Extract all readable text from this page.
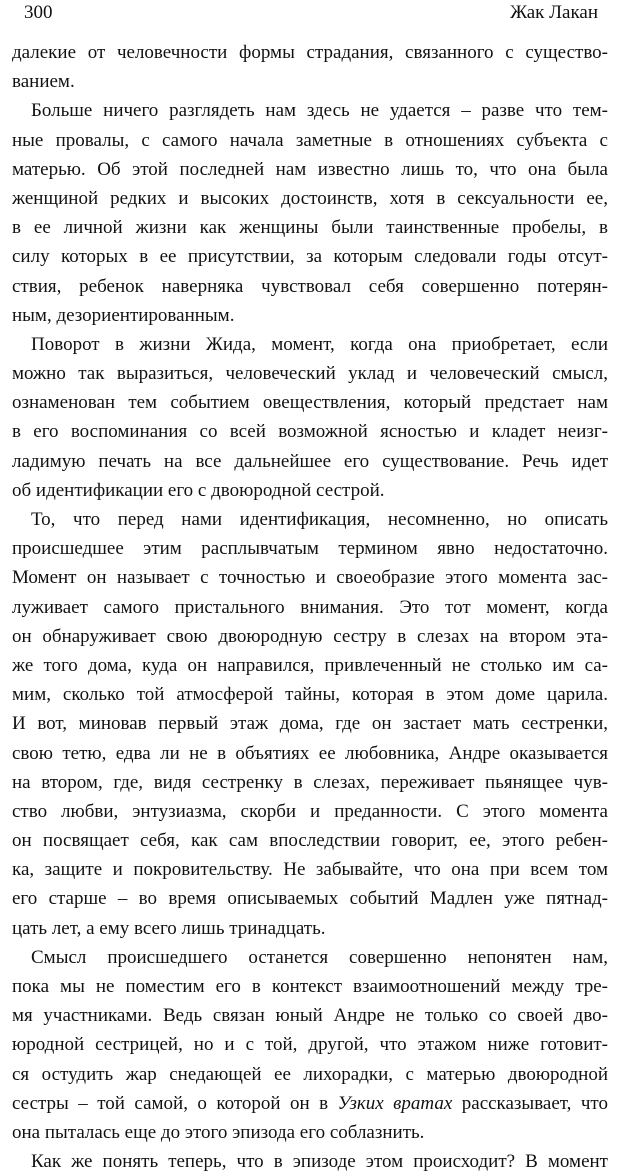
300	Жак Лакан
далекие от человечности формы страдания, связанного с существо-
ванием.
Больше ничего разглядеть нам здесь не удается – разве что тем-
ные провалы, с самого начала заметные в отношениях субъекта с
матерью. Об этой последней нам известно лишь то, что она была
женщиной редких и высоких достоинств, хотя в сексуальности ее,
в ее личной жизни как женщины были таинственные пробелы, в
силу которых в ее присутствии, за которым следовали годы отсут-
ствия, ребенок наверняка чувствовал себя совершенно потерян-
ным, дезориентированным.
Поворот в жизни Жида, момент, когда она приобретает, если
можно так выразиться, человеческий уклад и человеческий смысл,
ознаменован тем событием овеществления, который предстает нам
в его воспоминания со всей возможной ясностью и кладет неизг-
ладимую печать на все дальнейшее его существование. Речь идет
об идентификации его с двоюродной сестрой.
То, что перед нами идентификация, несомненно, но описать
происшедшее этим расплывчатым термином явно недостаточно.
Момент он называет с точностью и своеобразие этого момента зас-
луживает самого пристального внимания. Это тот момент, когда
он обнаруживает свою двоюродную сестру в слезах на втором эта-
же того дома, куда он направился, привлеченный не столько им са-
мим, сколько той атмосферой тайны, которая в этом доме царила.
И вот, миновав первый этаж дома, где он застает мать сестренки,
свою тетю, едва ли не в объятиях ее любовника, Андре оказывается
на втором, где, видя сестренку в слезах, переживает пьянящее чув-
ство любви, энтузиазма, скорби и преданности. С этого момента
он посвящает себя, как сам впоследствии говорит, ее, этого ребен-
ка, защите и покровительству. Не забывайте, что она при всем том
его старше – во время описываемых событий Мадлен уже пятнад-
цать лет, а ему всего лишь тринадцать.
Смысл происшедшего останется совершенно непонятен нам,
пока мы не поместим его в контекст взаимоотношений между тре-
мя участниками. Ведь связан юный Андре не только со своей дво-
юродной сестрицей, но и с той, другой, что этажом ниже готовит-
ся остудить жар снедающей ее лихорадки, с матерью двоюродной
сестры – той самой, о которой он в Узких вратах рассказывает, что
она пыталась еще до этого эпизода его соблазнить.
Как же понять теперь, что в эпизоде этом происходит? В момент
